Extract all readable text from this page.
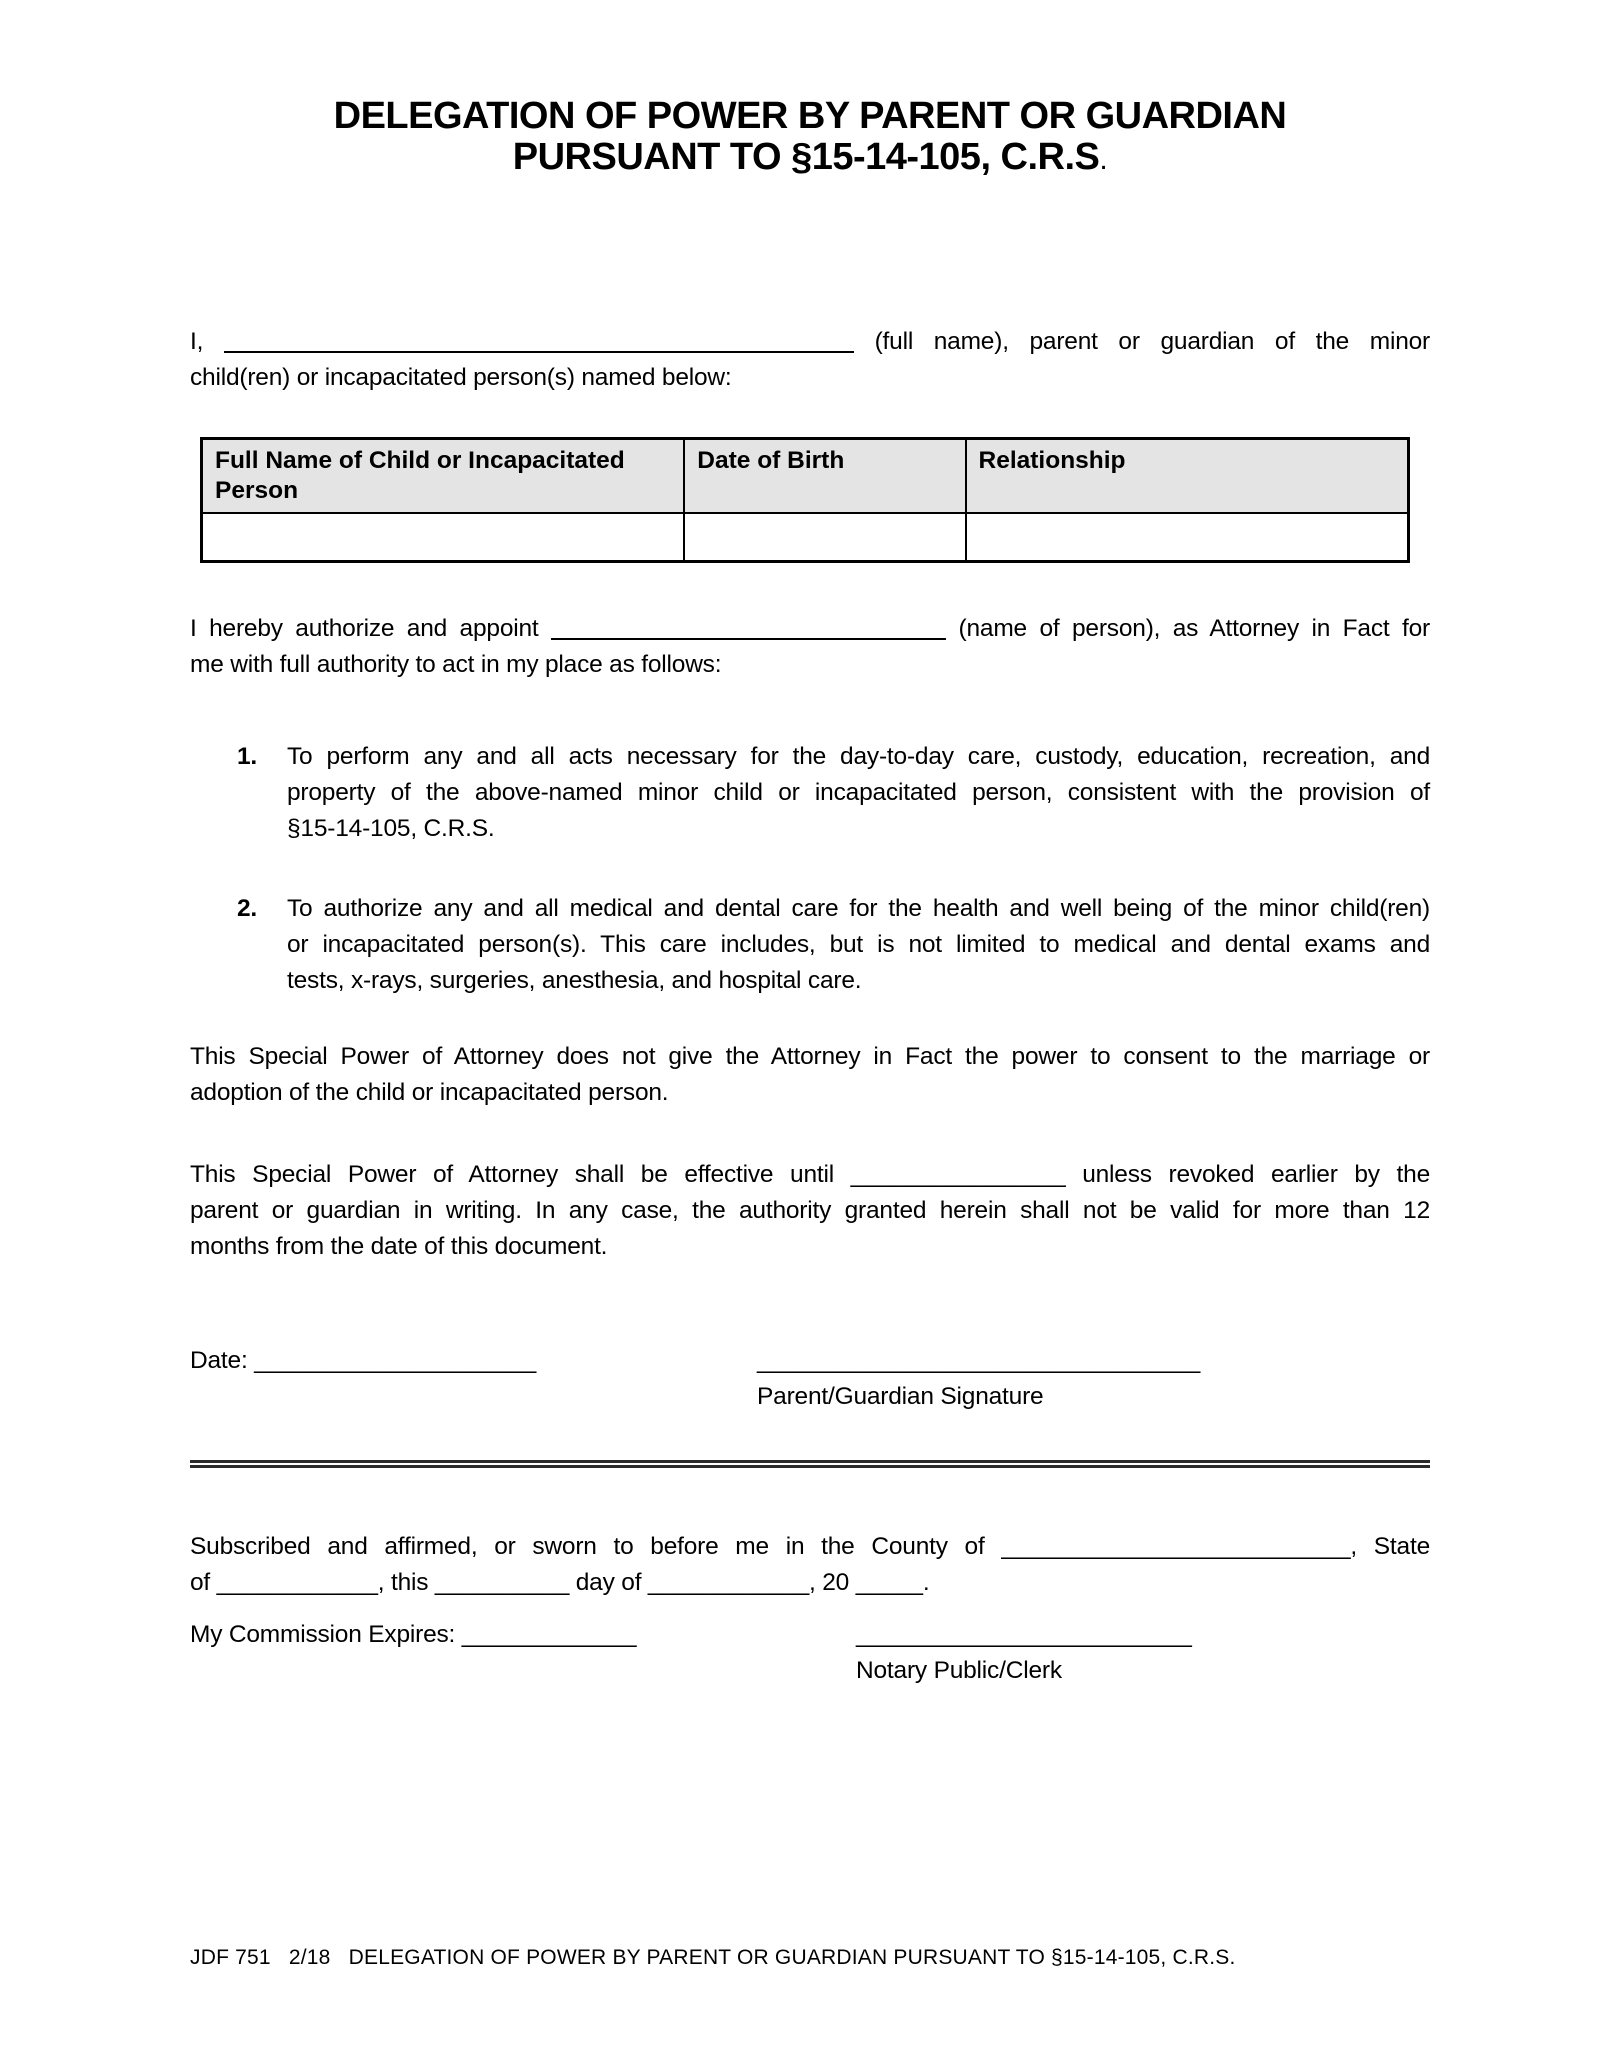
DELEGATION OF POWER BY PARENT OR GUARDIAN
PURSUANT TO §15-14-105, C.R.S.
I,	(full name), parent or guardian of the minor
child(ren) or incapacitated person(s) named below:
Full Name of Child or Incapacitated Person	Date of Birth	Relationship

I hereby authorize and appoint	(name of person), as Attorney in Fact for
me with full authority to act in my place as follows:
1.	To perform any and all acts necessary for the day-to-day care, custody, education, recreation, and
property of the above-named minor child or incapacitated person, consistent with the provision of
§15-14-105, C.R.S.
2.	To authorize any and all medical and dental care for the health and well being of the minor child(ren)
or incapacitated person(s). This care includes, but is not limited to medical and dental exams and
tests, x-rays, surgeries, anesthesia, and hospital care.
This Special Power of Attorney does not give the Attorney in Fact the power to consent to the marriage or
adoption of the child or incapacitated person.
This Special Power of Attorney shall be effective until ________________ unless revoked earlier by the
parent or guardian in writing. In any case, the authority granted herein shall not be valid for more than 12
months from the date of this document.
Date: _____________________	_________________________________
Parent/Guardian Signature
Subscribed and affirmed, or sworn to before me in the County of __________________________, State
of ____________, this __________ day of ____________, 20 _____.
My Commission Expires: _____________	_________________________
Notary Public/Clerk
JDF 751   2/18   DELEGATION OF POWER BY PARENT OR GUARDIAN PURSUANT TO §15-14-105, C.R.S.
